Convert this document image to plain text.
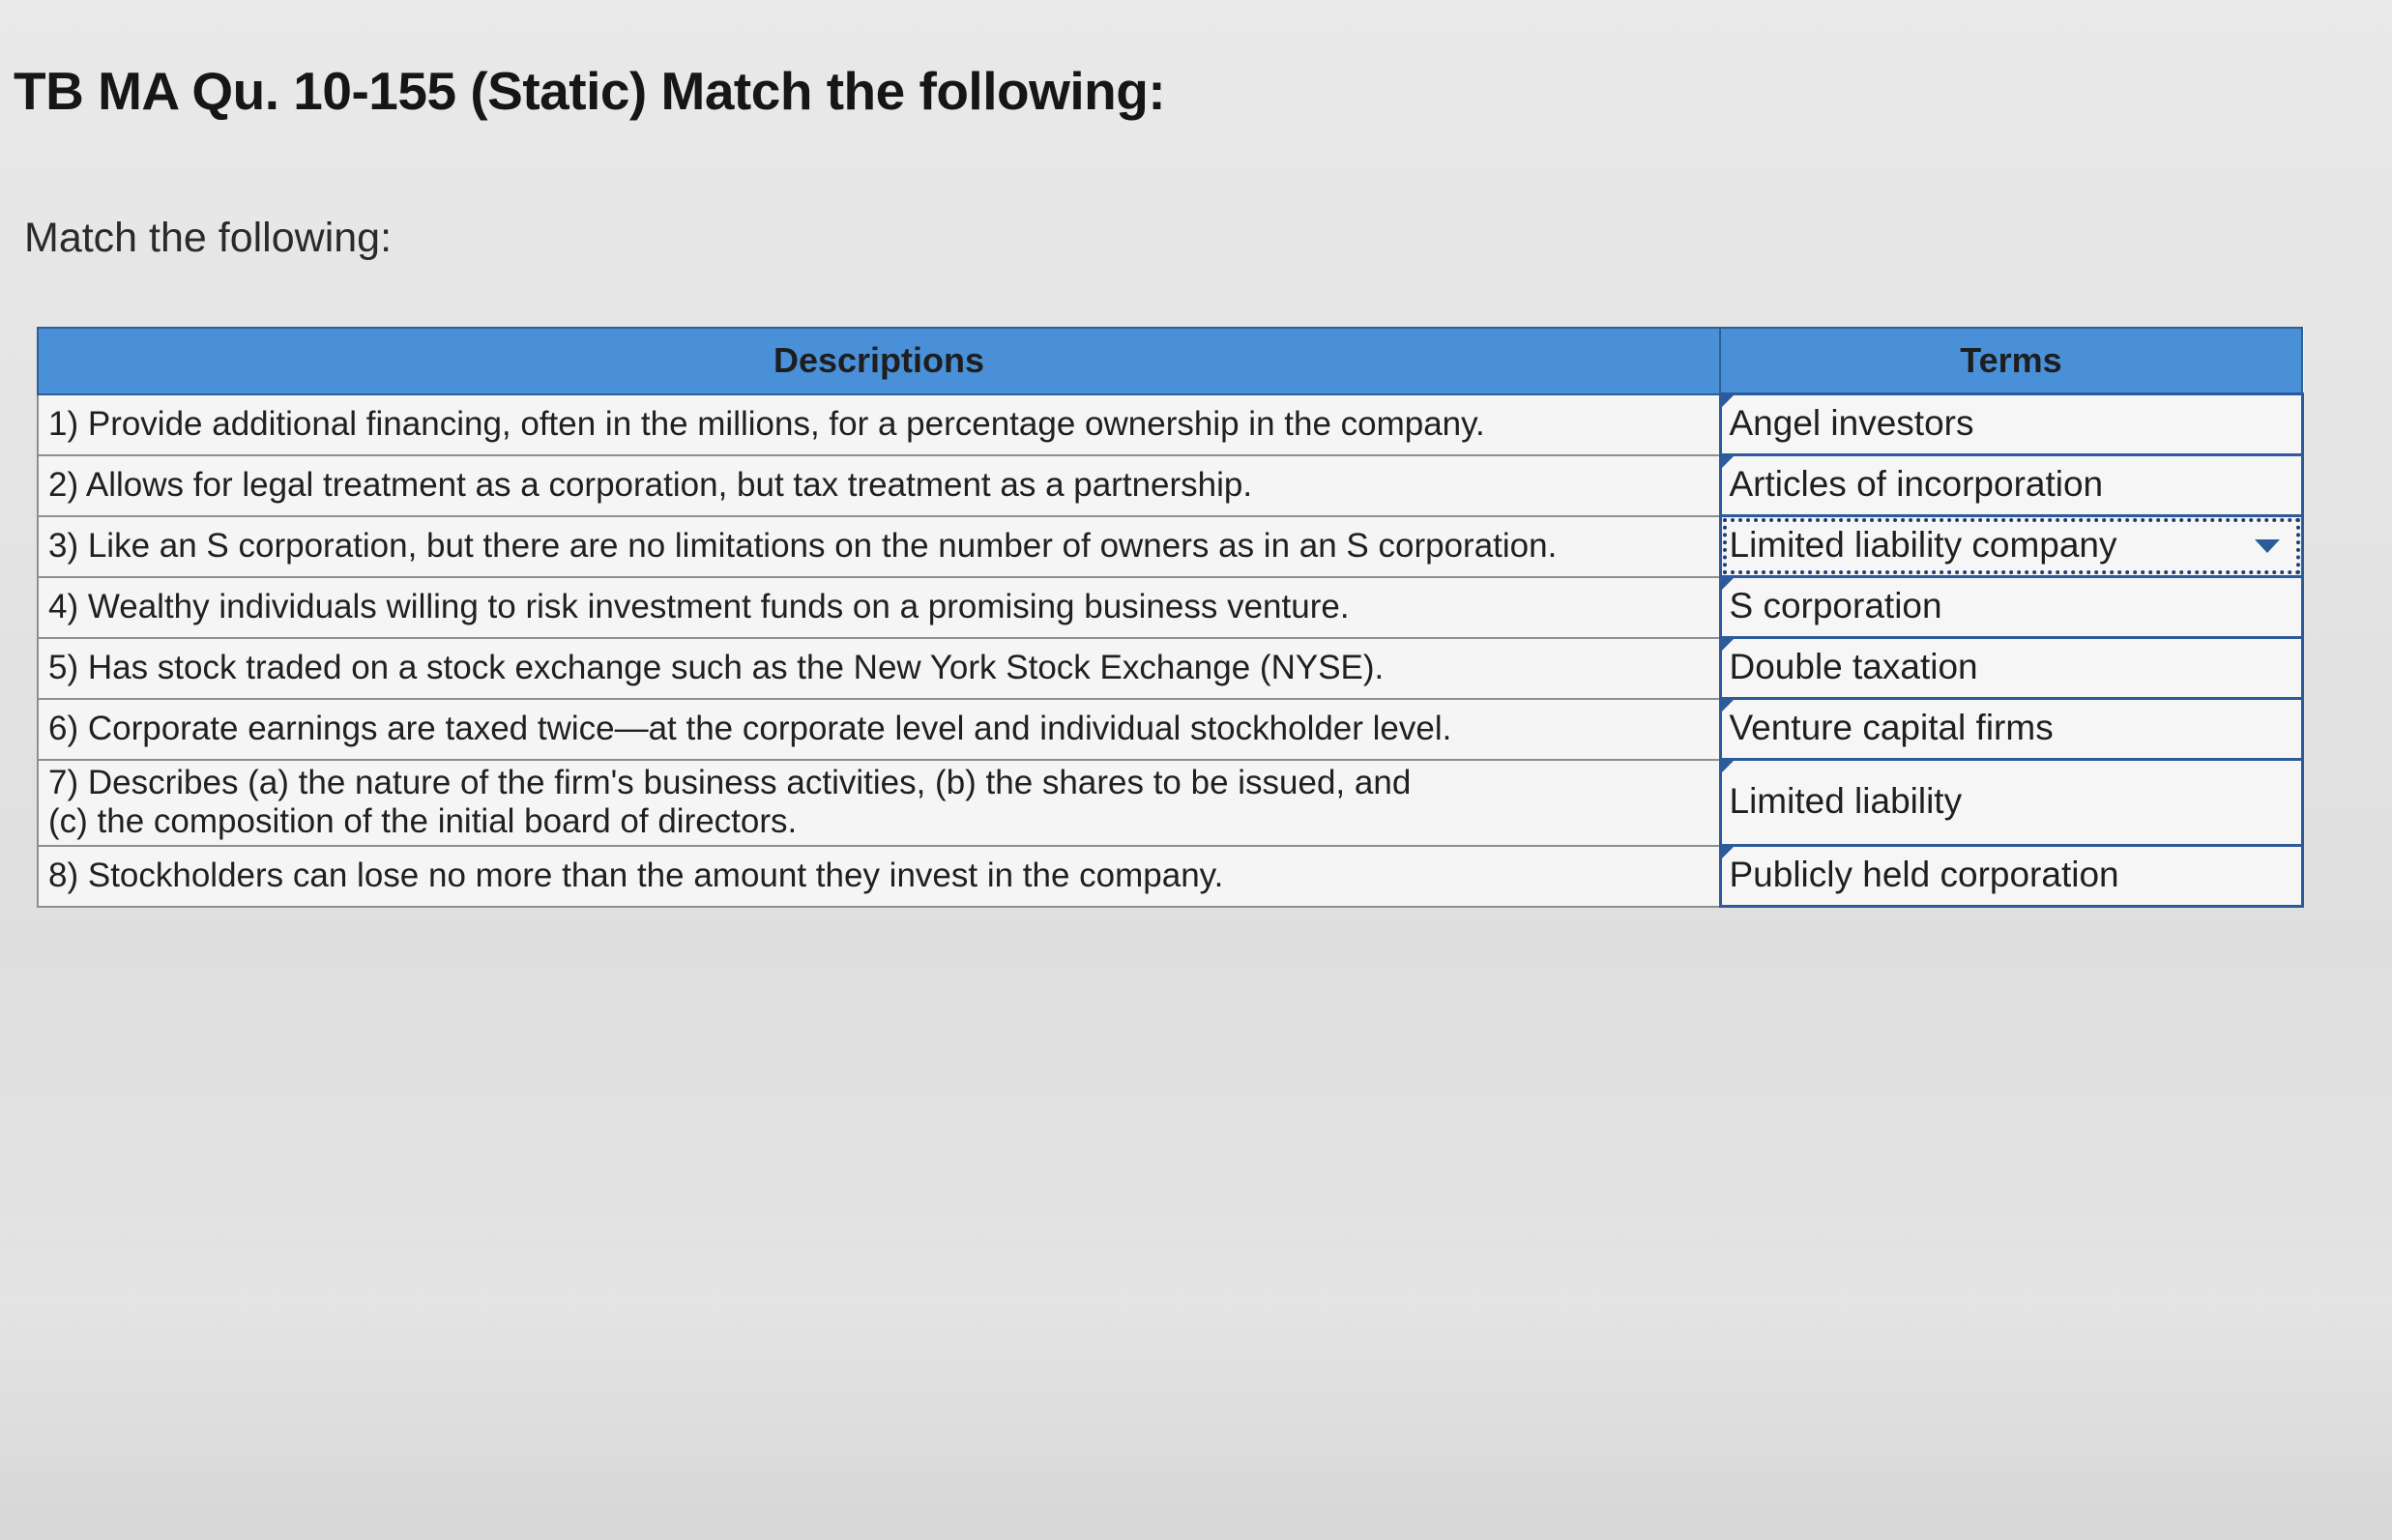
TB MA Qu. 10-155 (Static) Match the following:

Match the following:

Descriptions	Terms

1) Provide additional financing, often in the millions, for a percentage ownership in the company.	Angel investors

2) Allows for legal treatment as a corporation, but tax treatment as a partnership.	Articles of incorporation

3) Like an S corporation, but there are no limitations on the number of owners as in an S corporation.	Limited liability company

4) Wealthy individuals willing to risk investment funds on a promising business venture.	S corporation

5) Has stock traded on a stock exchange such as the New York Stock Exchange (NYSE).	Double taxation

6) Corporate earnings are taxed twice—at the corporate level and individual stockholder level.	Venture capital firms

7) Describes (a) the nature of the firm's business activities, (b) the shares to be issued, and
(c) the composition of the initial board of directors.	Limited liability

8) Stockholders can lose no more than the amount they invest in the company.	Publicly held corporation
